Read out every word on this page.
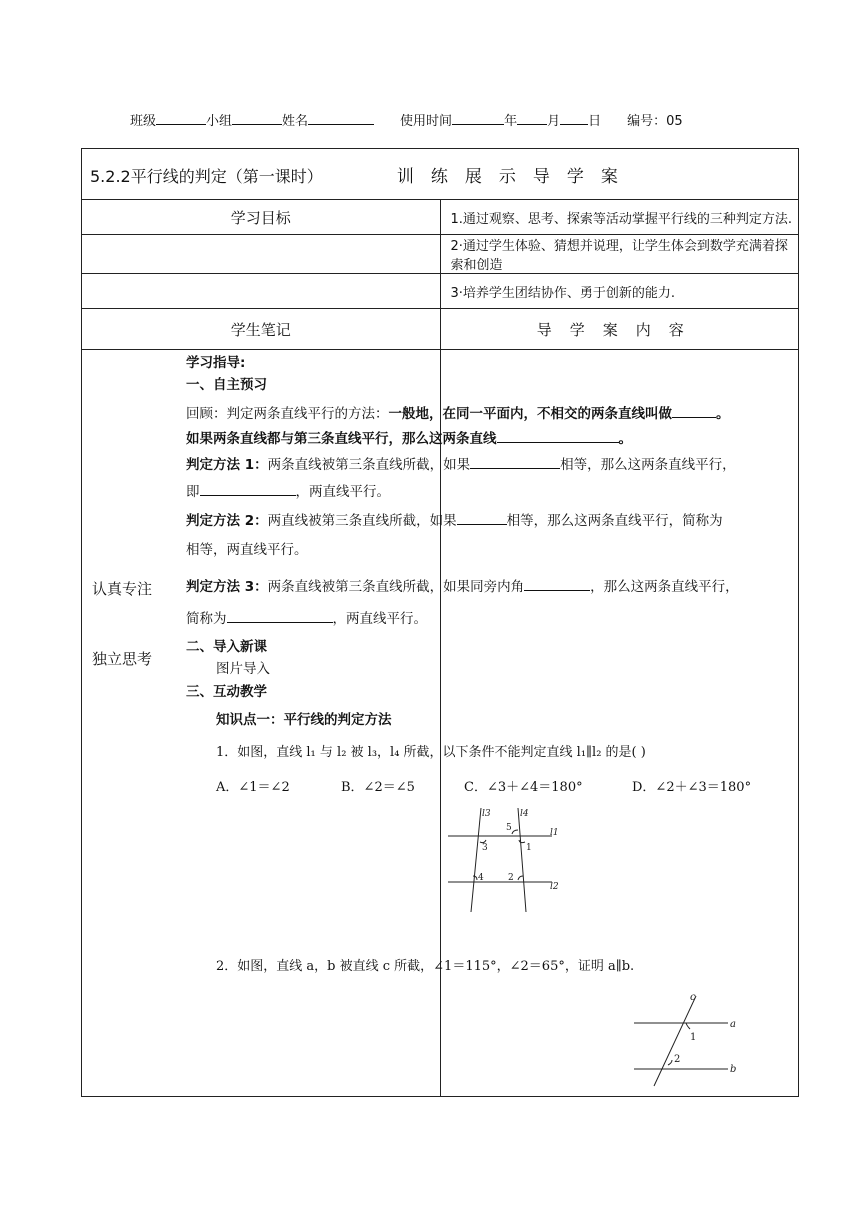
班级	小组	姓名	使用时间	年 月 日 编号：05
5.2.2平行线的判定（第一课时） 训练展示导学案	
学习目标	1.通过观察、思考、探索等活动掌握平行线的三种判定方法.
	2·通过学生体验、猜想并说理，让学生体会到数学充满着探索和创造
	3·培养学生团结协作、勇于创新的能力.
学生笔记	导学案内容

认真专注
独立思考
学习指导:
一、自主预习
回顾：判定两条直线平行的方法：一般地，在同一平面内，不相交的两条直线叫做	。
如果两条直线都与第三条直线平行，那么这两条直线	。
判定方法 1：两条直线被第三条直线所截，如果	相等，那么这两条直线平行，
即	，两直线平行。
判定方法 2：两直线被第三条直线所截，如果	相等，那么这两条直线平行，简称为
相等，两直线平行。
判定方法 3：两条直线被第三条直线所截，如果同旁内角	，那么这两条直线平行，
简称为	，两直线平行。
二、导入新课
图片导入
三、互动教学
知识点一：平行线的判定方法
1．如图，直线 l₁ 与 l₂ 被 l₃，l₄ 所截，以下条件不能判定直线 l₁∥l₂ 的是( )
A．∠1＝∠2	B．∠2＝∠5	C．∠3＋∠4＝180°	D．∠2＋∠3＝180°
l3	l4
5	l1
3	1
4	2
l2
2．如图，直线 a，b 被直线 c 所截，∠1＝115°，∠2＝65°，证明 a∥b.
c
a
1
2
b
